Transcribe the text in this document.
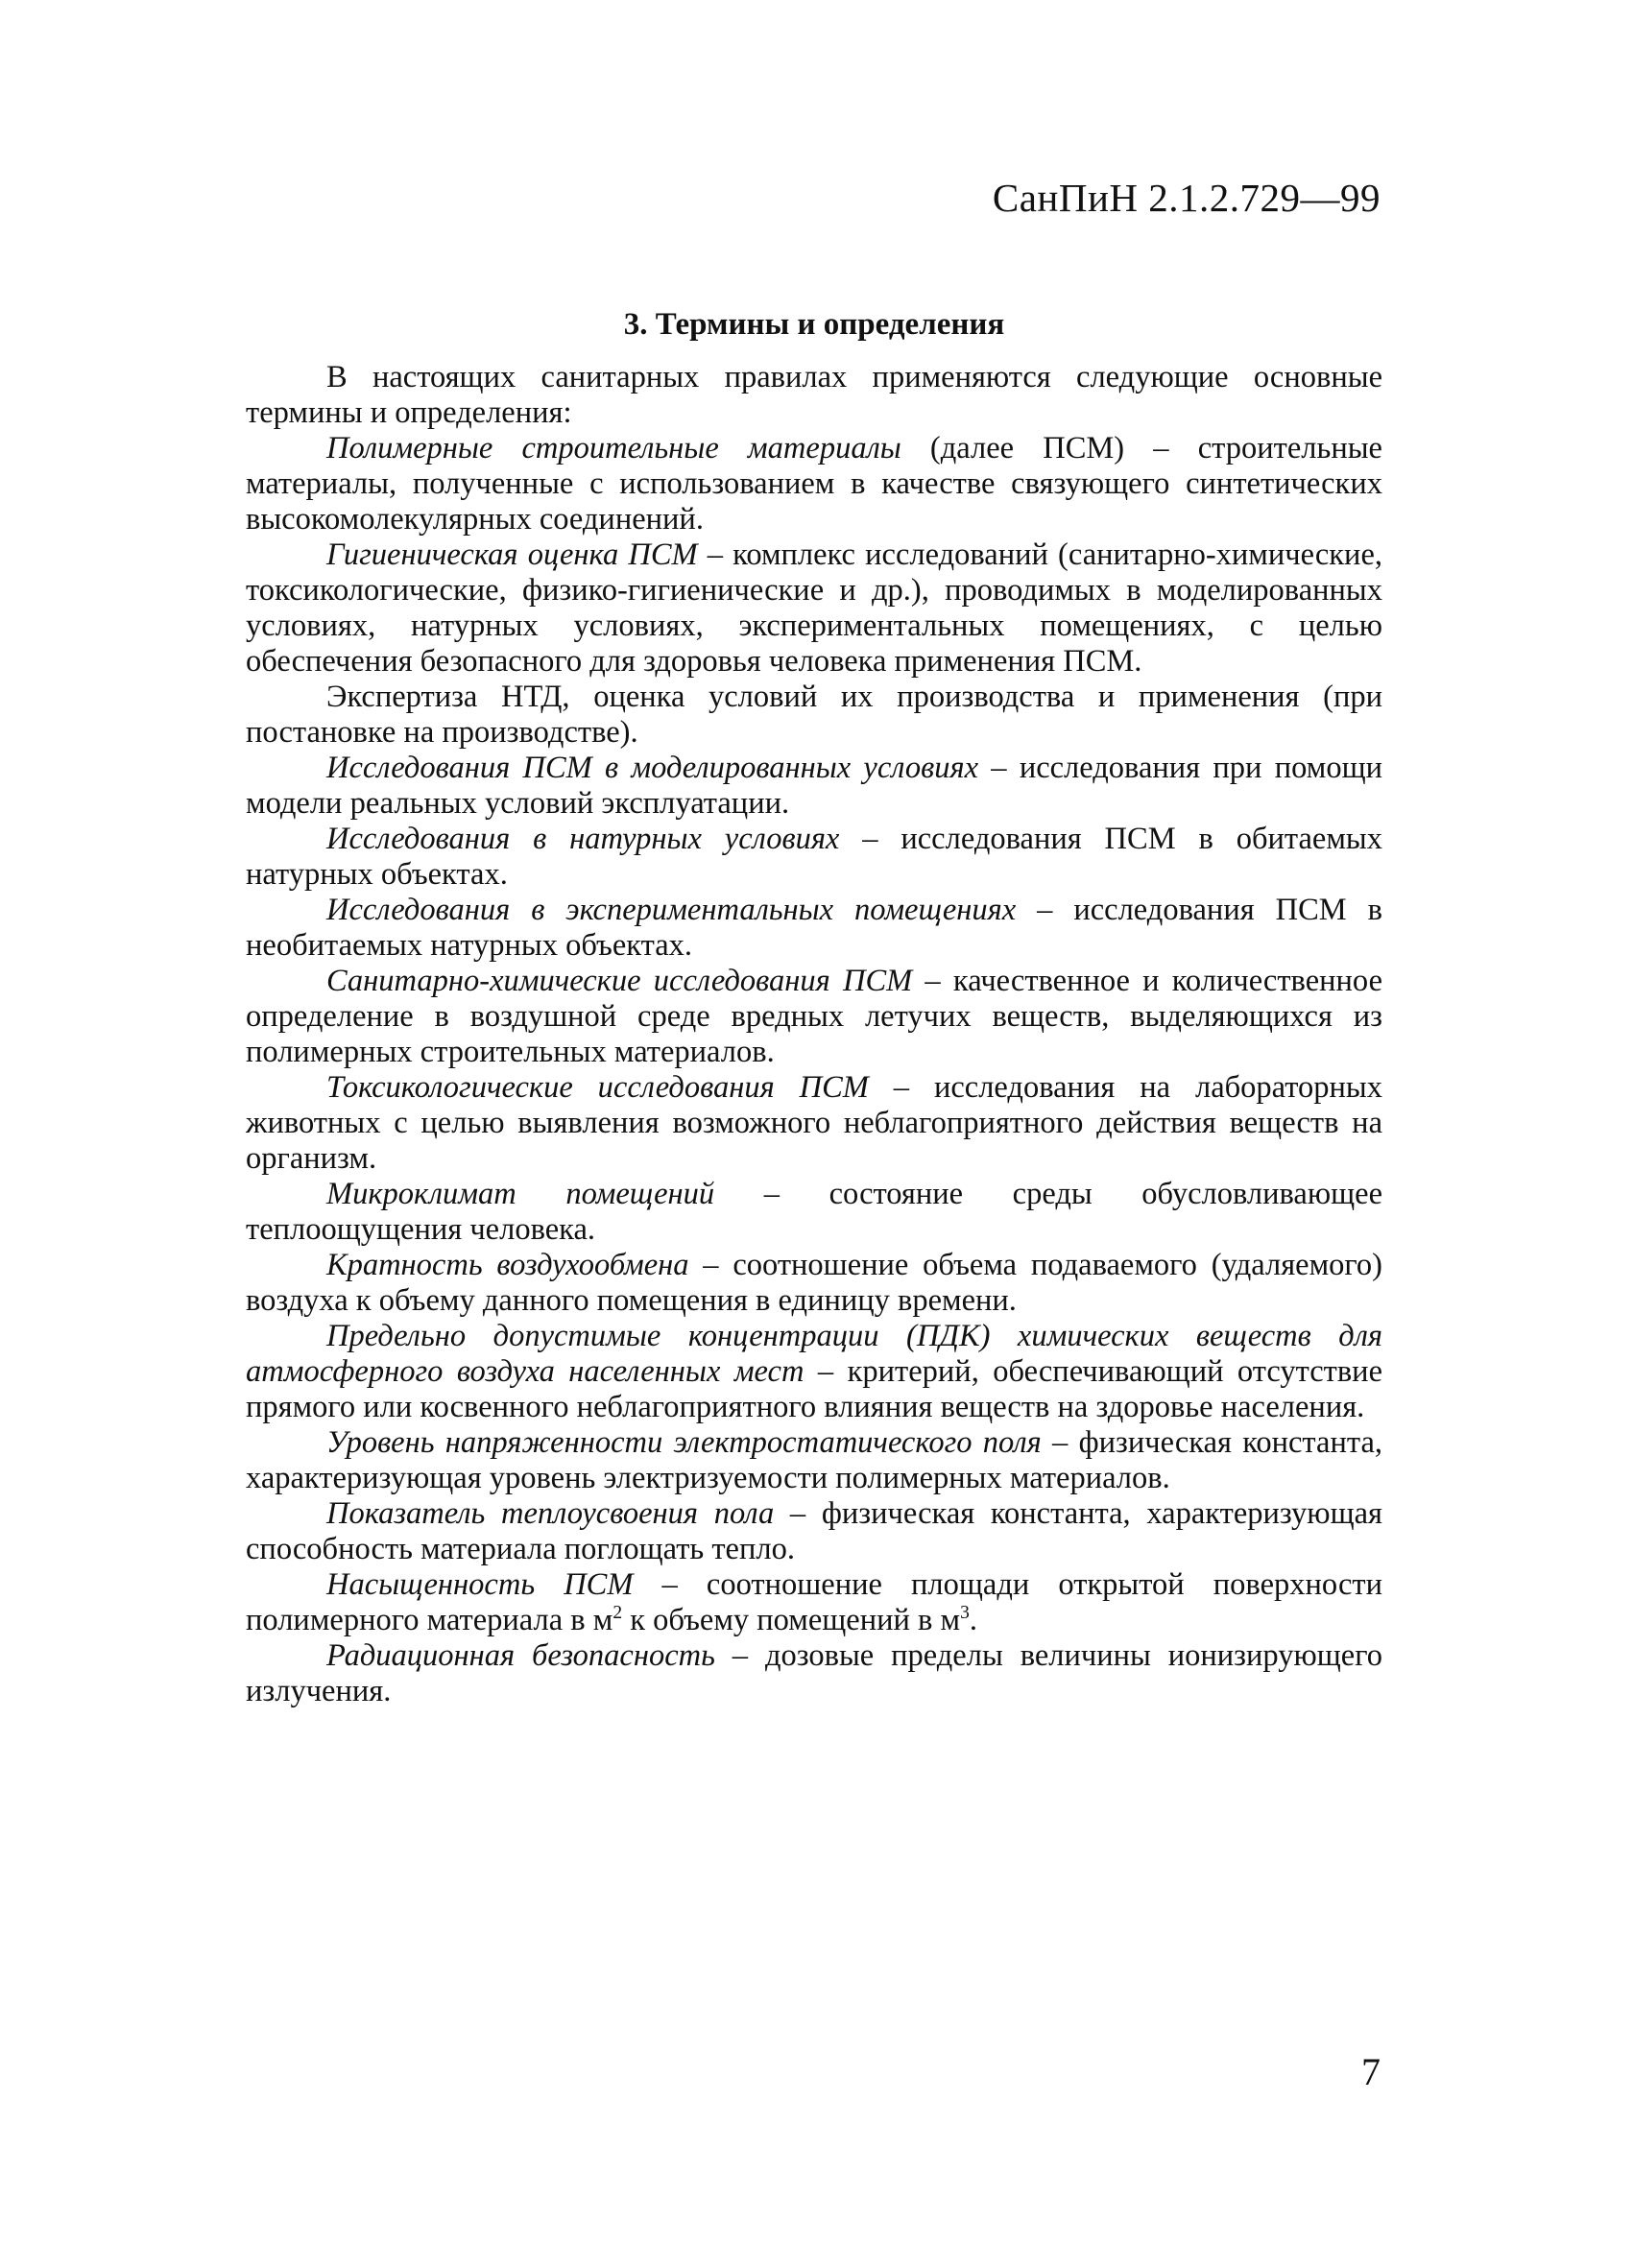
СанПиН 2.1.2.729—99
3. Термины и определения

В настоящих санитарных правилах применяются следующие основные термины и определения:

Полимерные строительные материалы (далее ПСМ) – строительные материалы, полученные с использованием в качестве связующего синтетических высокомолекулярных соединений.

Гигиеническая оценка ПСМ – комплекс исследований (санитарно-химические, токсикологические, физико-гигиенические и др.), проводимых в моделированных условиях, натурных условиях, экспериментальных помещениях, с целью обеспечения безопасного для здоровья человека применения ПСМ.

Экспертиза НТД, оценка условий их производства и применения (при постановке на производстве).

Исследования ПСМ в моделированных условиях – исследования при помощи модели реальных условий эксплуатации.

Исследования в натурных условиях – исследования ПСМ в обитаемых натурных объектах.

Исследования в экспериментальных помещениях – исследования ПСМ в необитаемых натурных объектах.

Санитарно-химические исследования ПСМ – качественное и количественное определение в воздушной среде вредных летучих веществ, выделяющихся из полимерных строительных материалов.

Токсикологические исследования ПСМ – исследования на лабораторных животных с целью выявления возможного неблагоприятного действия веществ на организм.

Микроклимат помещений – состояние среды обусловливающее теплоощущения человека.

Кратность воздухообмена – соотношение объема подаваемого (удаляемого) воздуха к объему данного помещения в единицу времени.

Предельно допустимые концентрации (ПДК) химических веществ для атмосферного воздуха населенных мест – критерий, обеспечивающий отсутствие прямого или косвенного неблагоприятного влияния веществ на здоровье населения.

Уровень напряженности электростатического поля – физическая константа, характеризующая уровень электризуемости полимерных материалов.

Показатель теплоусвоения пола – физическая константа, характеризующая способность материала поглощать тепло.

Насыщенность ПСМ – соотношение площади открытой поверхности полимерного материала в $м^2$ к объему помещений в $м^3$.

Радиационная безопасность – дозовые пределы величины ионизирующего излучения.

7
